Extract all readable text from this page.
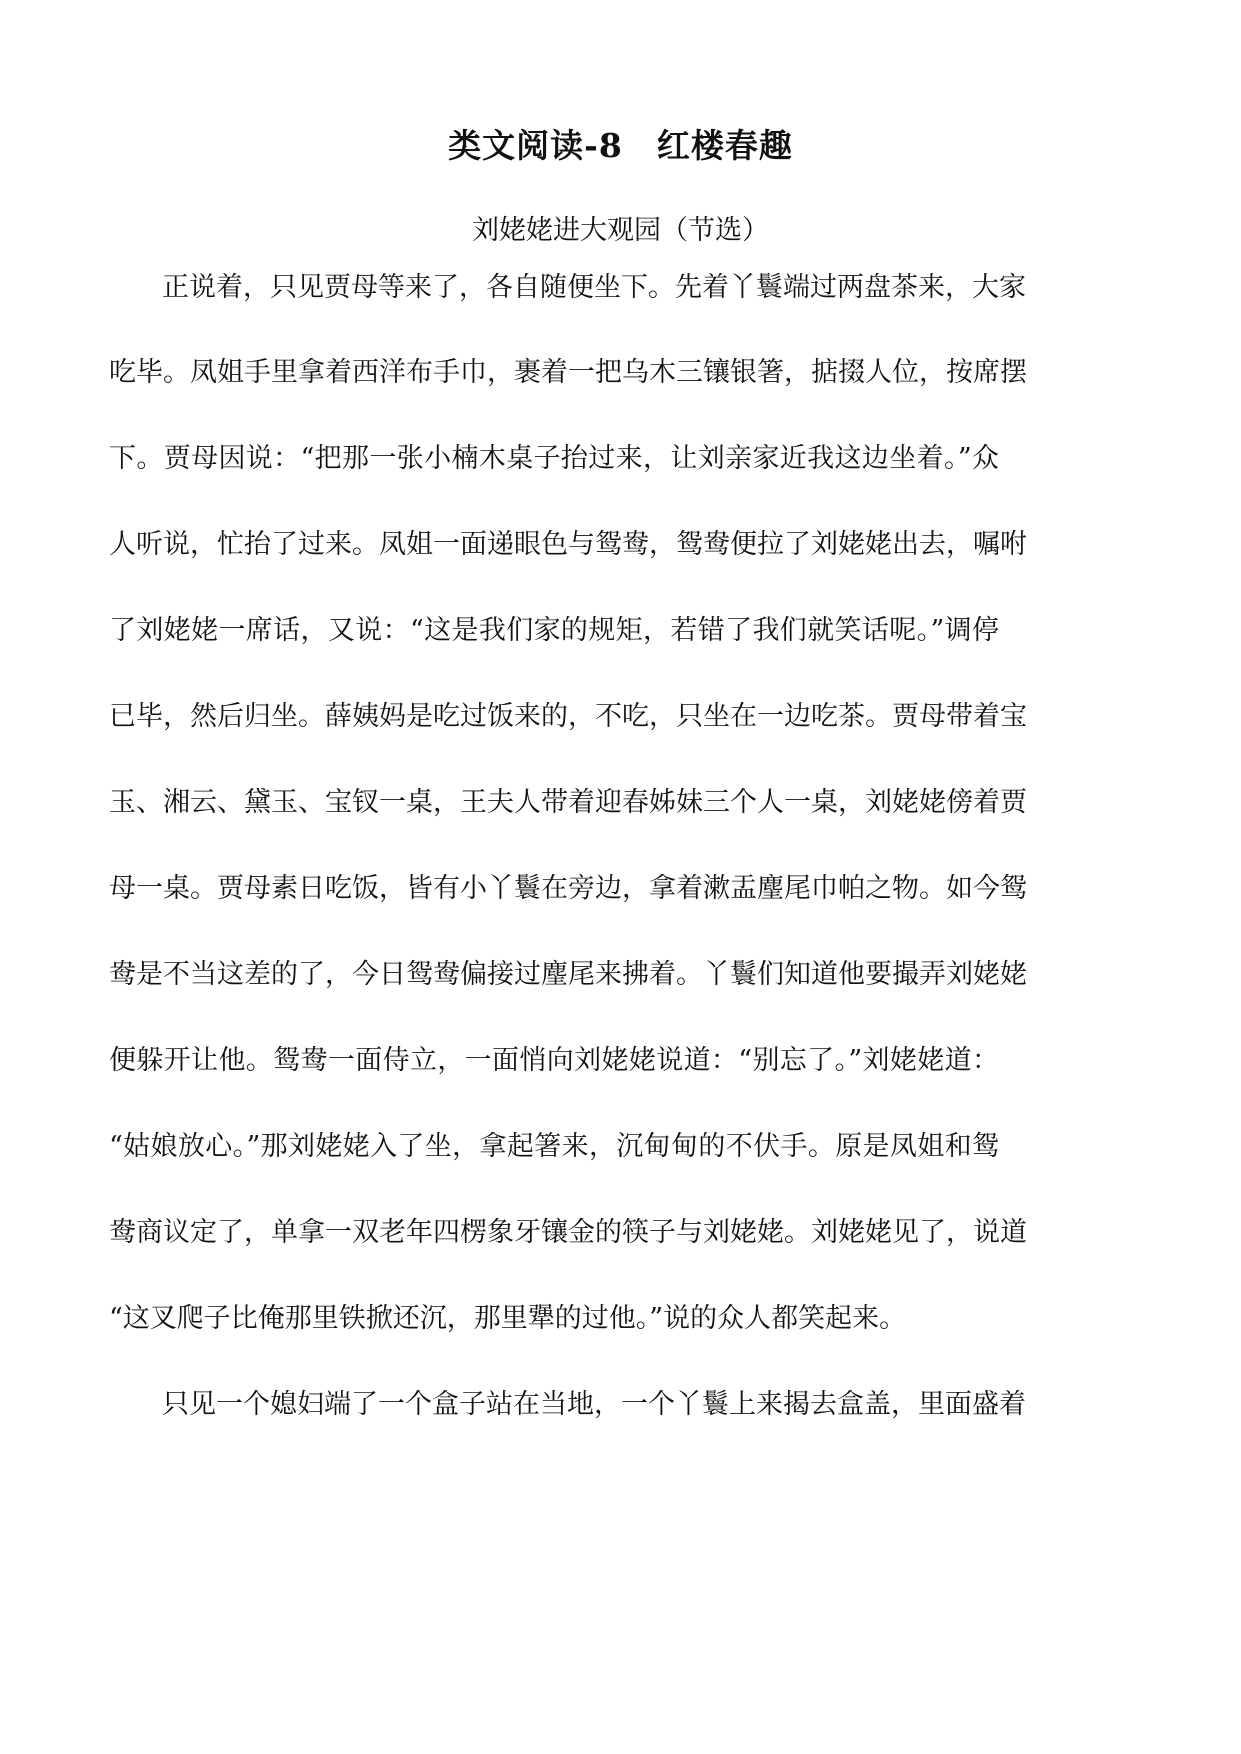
类文阅读-8　红楼春趣
刘姥姥进大观园（节选）
正说着，只见贾母等来了，各自随便坐下。先着丫鬟端过两盘茶来，大家
吃毕。凤姐手里拿着西洋布手巾，裹着一把乌木三镶银箸，掂掇人位，按席摆
下。贾母因说：“把那一张小楠木桌子抬过来，让刘亲家近我这边坐着。”众
人听说，忙抬了过来。凤姐一面递眼色与鸳鸯，鸳鸯便拉了刘姥姥出去，嘱咐
了刘姥姥一席话，又说：“这是我们家的规矩，若错了我们就笑话呢。”调停
已毕，然后归坐。薛姨妈是吃过饭来的，不吃，只坐在一边吃茶。贾母带着宝
玉、湘云、黛玉、宝钗一桌，王夫人带着迎春姊妹三个人一桌，刘姥姥傍着贾
母一桌。贾母素日吃饭，皆有小丫鬟在旁边，拿着漱盂麈尾巾帕之物。如今鸳
鸯是不当这差的了，今日鸳鸯偏接过麈尾来拂着。丫鬟们知道他要撮弄刘姥姥
便躲开让他。鸳鸯一面侍立，一面悄向刘姥姥说道：“别忘了。”刘姥姥道：
“姑娘放心。”那刘姥姥入了坐，拿起箸来，沉甸甸的不伏手。原是凤姐和鸳
鸯商议定了，单拿一双老年四楞象牙镶金的筷子与刘姥姥。刘姥姥见了，说道
“这叉爬子比俺那里铁掀还沉，那里犟的过他。”说的众人都笑起来。
只见一个媳妇端了一个盒子站在当地，一个丫鬟上来揭去盒盖，里面盛着
